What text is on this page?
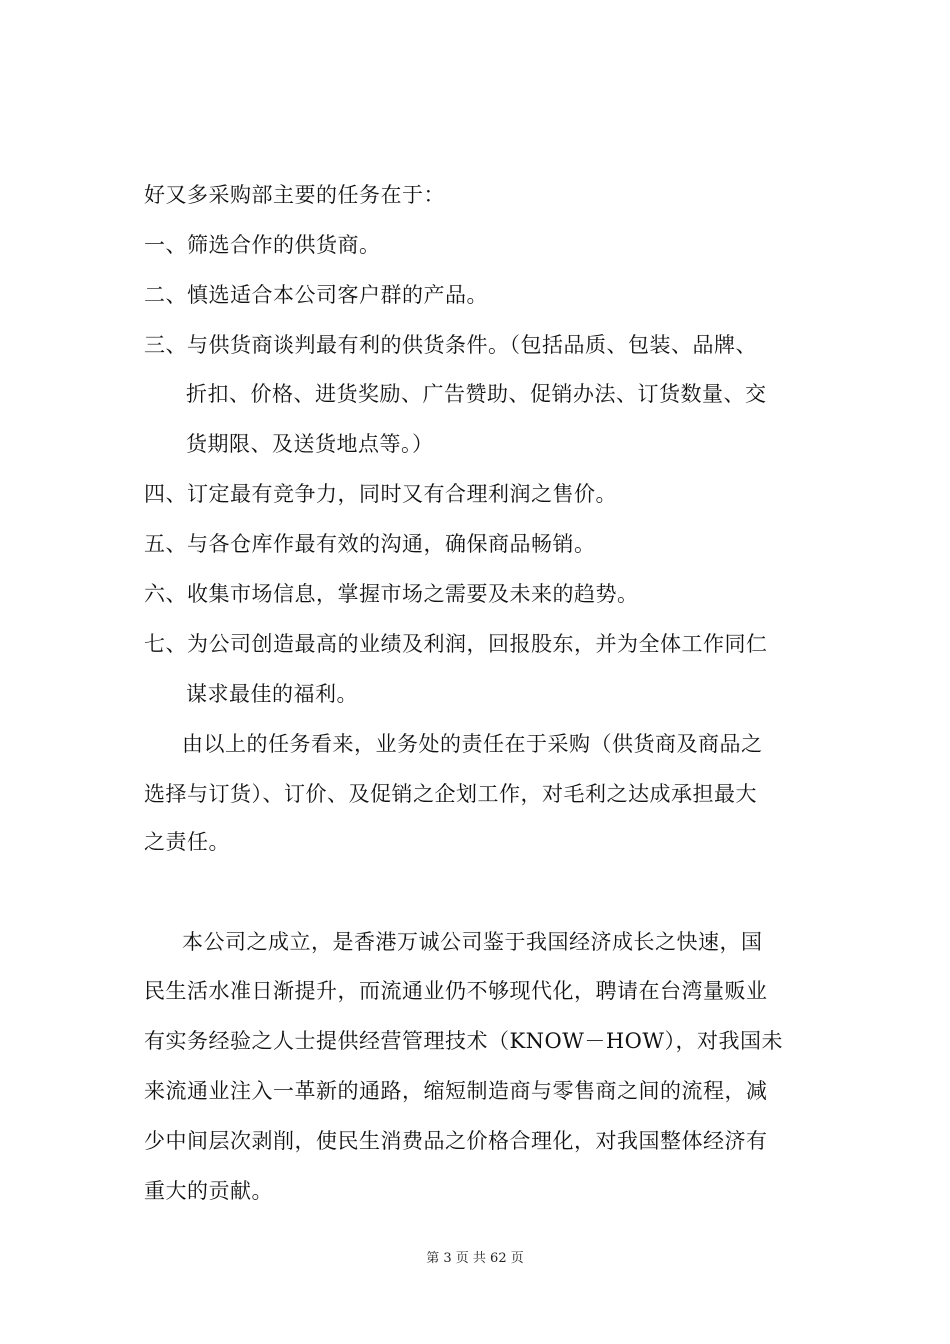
好又多采购部主要的任务在于：
一、筛选合作的供货商。
二、慎选适合本公司客户群的产品。
三、与供货商谈判最有利的供货条件。（包括品质、包装、品牌、
折扣、价格、进货奖励、广告赞助、促销办法、订货数量、交
货期限、及送货地点等。）
四、订定最有竞争力，同时又有合理利润之售价。
五、与各仓库作最有效的沟通，确保商品畅销。
六、收集市场信息，掌握市场之需要及未来的趋势。
七、为公司创造最高的业绩及利润，回报股东，并为全体工作同仁
谋求最佳的福利。
由以上的任务看来，业务处的责任在于采购（供货商及商品之
选择与订货）、订价、及促销之企划工作，对毛利之达成承担最大
之责任。
本公司之成立，是香港万诚公司鉴于我国经济成长之快速，国
民生活水准日渐提升，而流通业仍不够现代化，聘请在台湾量贩业
有实务经验之人士提供经营管理技术（KNOW－HOW），对我国未
来流通业注入一革新的通路，缩短制造商与零售商之间的流程，减
少中间层次剥削，使民生消费品之价格合理化，对我国整体经济有
重大的贡献。
第 3 页 共 62 页
